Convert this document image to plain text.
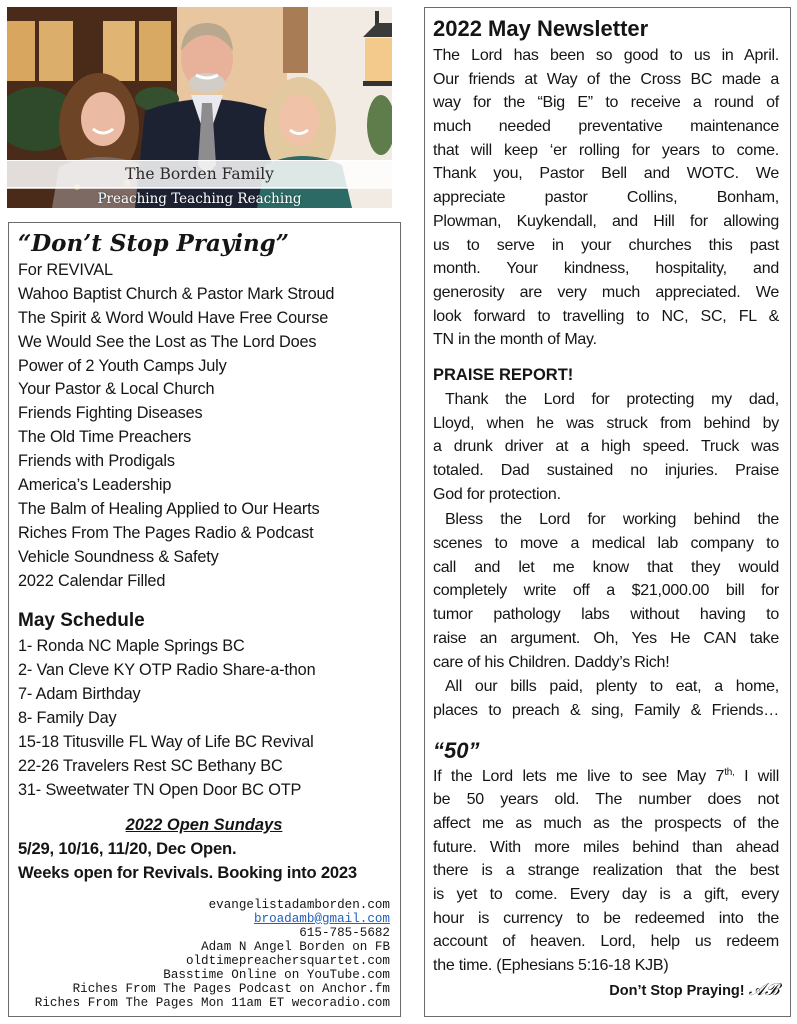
The Borden Family
Preaching Teaching Reaching
“Don’t Stop Praying”
For REVIVAL
Wahoo Baptist Church & Pastor Mark Stroud
The Spirit & Word Would Have Free Course
We Would See the Lost as The Lord Does
Power of 2 Youth Camps July
Your Pastor & Local Church
Friends Fighting Diseases
The Old Time Preachers
Friends with Prodigals
America’s Leadership
The Balm of Healing Applied to Our Hearts
Riches From The Pages Radio & Podcast
Vehicle Soundness & Safety
2022 Calendar Filled
May Schedule
1- Ronda NC Maple Springs BC
2- Van Cleve KY OTP Radio Share-a-thon
7- Adam Birthday
8- Family Day
15-18 Titusville FL Way of Life BC Revival
22-26 Travelers Rest SC Bethany BC
31- Sweetwater TN Open Door BC OTP
2022 Open Sundays
5/29, 10/16, 11/20, Dec Open.
Weeks open for Revivals. Booking into 2023
evangelistadamborden.com
broadamb@gmail.com
615-785-5682
Adam N Angel Borden on FB
oldtimepreachersquartet.com
Basstime Online on YouTube.com
Riches From The Pages Podcast on Anchor.fm
Riches From The Pages Mon 11am ET wecoradio.com
2022 May Newsletter
The Lord has been so good to us in April.
Our friends at Way of the Cross BC made a
way for the “Big E” to receive a round of
much needed preventative maintenance
that will keep ‘er rolling for years to come.
Thank you, Pastor Bell and WOTC. We
appreciate pastor Collins, Bonham,
Plowman, Kuykendall, and Hill for allowing
us to serve in your churches this past
month. Your kindness, hospitality, and
generosity are very much appreciated. We
look forward to travelling to NC, SC, FL &
TN in the month of May.
PRAISE REPORT!
Thank the Lord for protecting my dad,
Lloyd, when he was struck from behind by
a drunk driver at a high speed. Truck was
totaled. Dad sustained no injuries. Praise
God for protection.
Bless the Lord for working behind the
scenes to move a medical lab company to
call and let me know that they would
completely write off a $21,000.00 bill for
tumor pathology labs without having to
raise an argument. Oh, Yes He CAN take
care of his Children. Daddy’s Rich!
All our bills paid, plenty to eat, a home,
places to preach & sing, Family & Friends…
“50”
If the Lord lets me live to see May $7^{th,}$ I will
be 50 years old. The number does not
affect me as much as the prospects of the
future. With more miles behind than ahead
there is a strange realization that the best
is yet to come. Every day is a gift, every
hour is currency to be redeemed into the
account of heaven. Lord, help us redeem
the time. (Ephesians 5:16-18 KJB)
Don’t Stop Praying! 𝒜ℬ
